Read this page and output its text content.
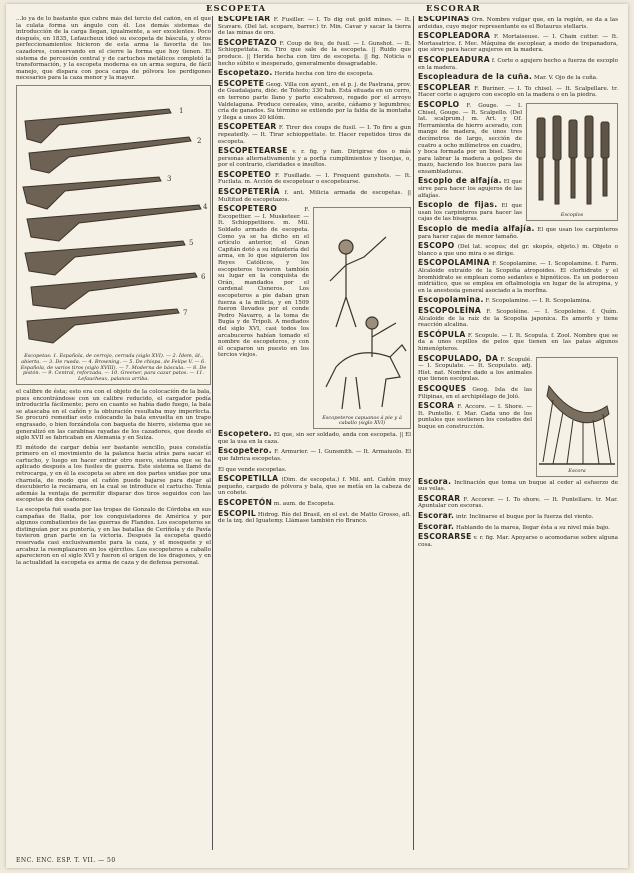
ESCOPETA	ESCORAR
...lo ya de lo bastante que cubre más del tercio del cañón, en el que la culata forma un ángulo con él. Los demás sistemas de introducción de la carga llegan, igualmente, a ser excelentes. Poco después, en 1835, Lefaucheux ideó su escopeta de báscula, y otros perfeccionamientos hicieron de esta arma la favorita de los cazadores, conservando en el cierre la forma que hoy tienen. El sistema de percusión central y de cartuchos metálicos completó la transformación, y la escopeta moderna es un arma segura, de fácil manejo, que dispara con poca carga de pólvora los perdigones necesarios para la caza menor y la mayor.
1
2
3
4
5
6
7
Escopetas: 1. Española, de cerrojo, cerrada (siglo XVI). — 2. Ídem, íd., abierta. — 3. De rueda. — 4. Browning. — 5. De chispa, de Felipe V. — 6. Española, de varios tiros (siglo XVIII). — 7. Moderna de báscula. — 8. De pistón. — 9. Central, reforzada. — 10. Greener, para cazar patos. — 11. Lefaucheux, palanca arriba.
el calibre de ésta; esto era con el objeto de la colocación de la bala, pues encontrándose con un calibre reducido, el cargador podía introducirla fácilmente; pero en cuanto se había dado fuego, la bala se atascaba en el cañón y la obturación resultaba muy imperfecta. Se procuró remediar esto colocando la bala envuelta en un trapo engrasado, o bien forzándola con baqueta de hierro, sistema que se generalizó en las carabinas rayadas de los cazadores, que desde el siglo XVII se fabricaban en Alemania y en Suiza.
El método de cargar debía ser bastante sencillo, pues consistía primero en el movimiento de la palanca hacia atrás para sacar el cartucho, y luego en hacer entrar otro nuevo, sistema que se ha aplicado después a los fusiles de guerra. Este sistema se llamó de retrocarga, y en él la escopeta se abre en dos partes unidas por una charnela, de modo que el cañón puede bajarse para dejar al descubierto la recámara, en la cual se introduce el cartucho. Tenía además la ventaja de permitir disparar dos tiros seguidos con las escopetas de dos cañones.
La escopeta fué usada por las tropas de Gonzalo de Córdoba en sus campañas de Italia, por los conquistadores de América y por algunos combatientes de las guerras de Flandes. Los escopeteros se distinguían por su puntería, y en las batallas de Ceriñola y de Pavía tuvieron gran parte en la victoria. Después la escopeta quedó reservada casi exclusivamente para la caza, y el mosquete y el arcabuz la reemplazaron en los ejércitos. Los escopeteros a caballo aparecieron en el siglo XVI y fueron el origen de los dragones, y en la actualidad la escopeta es arma de caza y de defensa personal.
ESCOPETAR F. Fusiller. — I. To dig out gold mines. — It. Scavare. (Del lat. scopare, barrer.) tr. Min. Cavar y sacar la tierra de las minas de oro.
ESCOPETAZO F. Coup de feu, de fusil. — I. Gunshot. — It. Schioppettata. m. Tiro que sale de la escopeta. || Ruido que produce. || Herida hecha con tiro de escopeta. || fig. Noticia o hecho súbito e inesperado, generalmente desagradable.
Escopetazo. Herida hecha con tiro de escopeta.
ESCOPETE Geog. Villa con ayunt., en el p. j. de Pastrana, prov. de Guadalajara, dióc. de Toledo; 330 hab. Está situada en un cerro, en terreno parte llano y parte escabroso, regado por el arroyo Valdelaguna. Produce cereales, vino, aceite, cáñamo y legumbres; cría de ganados. Su término se extiende por la falda de la montaña y llega a unos 20 kilóm.
ESCOPETEAR F. Tirer des coups de fusil. — I. To fire a gun repeatedly. — It. Tirar schioppettate. tr. Hacer repetidos tiros de escopeta.
ESCOPETEARSE v. r. fig. y fam. Dirigirse dos o más personas alternativamente y a porfía cumplimientos y lisonjas, o, por el contrario, claridades e insultos.
ESCOPETEO F. Fusillade. — I. Frequent gunshots. — It. Fucilata. m. Acción de escopetear o escopetearse.
ESCOPETERÍA f. ant. Milicia armada de escopetas. || Multitud de escopetazos.
Escopeteros capuanos á pie y á caballo (siglo XVI)
ESCOPETERO	F. Escopettier. — I. Musketeer. — It. Schioppettiere. m. Mil. Soldado armado de escopeta. Como ya se ha dicho en el artículo anterior, el Gran Capitán dotó a su infantería del arma, en lo que siguieron los Reyes Católicos, y los escopeteros tuvieron también su lugar en la conquista de Orán, mandados por el cardenal Cisneros. Los escopeteros a pie daban gran fuerza a la milicia, y en 1509 fueron llevados por el conde Pedro Navarro, a la toma de Bugía y de Trípoli. A mediados del siglo XVI, casi todos los arcabuceros habían tomado el nombre de escopeteros, y con él ocuparon un puesto en los tercios viejos.
Escopetero. El que, sin ser soldado, anda con escopeta. || El que la usa en la caza.
Escopetero. F. Armurier. — I. Gunsmith. — It. Armaiuolo. El que fabrica escopetas.
El que vende escopetas.
ESCOPETILLA (Dim. de escopeta.) f. Mil. ant. Cañón muy pequeño, cargado de pólvora y bala, que se metía en la cabeza de un cohete.
ESCOPETÓN m. aum. de Escopeta.
ESCOPIL Hidrog. Río del Brasil, en el est. de Matto Grosso, afl. de la izq. del Iguatemy. Llámase también río Branco.
ESCOPINAS Orn. Nombre vulgar que, en la región, se da a las ardeidas, cuyo mejor representante es el Botaurus stellaris.
ESCOPLEADORA F. Mortaiseuse. — I. Chain cutter. — It. Mortasatrice. f. Mec. Máquina de escoplear, a modo de trepanadora, que sirve para hacer agujeros en la madera.
ESCOPLEADURA f. Corte o agujero hecho a fuerza de escoplo en la madera.
Escopleadura de la cuña. Mar. V. Ojo de la cuña.
ESCOPLEAR F. Buriner. — I. To chisel. — It. Scalpellare. tr. Hacer corte o agujero con escoplo en la madera o en la piedra.
Escoplos
ESCOPLO F. Gouge. — I. Chisel, Gouge. — It. Scalpello. (Del lat. scalprum.) m. Art. y Of. Herramienta de hierro acerado, con mango de madera, de unos tres decímetros de largo, sección de cuatro a ocho milímetros en cuadro, y boca formada por un bisel. Sirve para labrar la madera a golpes de mazo, haciendo los huecos para las ensambladuras.
Escoplo de alfajía. El que sirve para hacer los agujeros de las alfajías.
Escoplo de fijas. El que usan los carpinteros para hacer las cajas de las bisagras.
Escoplo de media alfajía. El que usan los carpinteros para hacer cajas de menor tamaño.
ESCOPO (Del lat. scopus; del gr. skopós, objeto.) m. Objeto o blanco a que uno mira o se dirige.
ESCOPOLAMINA F. Scopolamine. — I. Scopolamine. f. Farm. Alcaloide extraído de la Scopolia atropoides. El clorhidrato y el bromhidrato se emplean como sedantes e hipnóticos. Es un poderoso midriático, que se emplea en oftalmología en lugar de la atropina, y en la anestesia general asociado a la morfina.
Escopolamina. F. Scopolamine. — I. It. Scopolamina.
ESCOPOLEÍNA F. Scopoléine. — I. Scopoleine. f. Quím. Alcaloide de la raíz de la Scopolia japonica. Es amorfo y tiene reacción alcalina.
ESCÓPULA F. Scopule. — I. It. Scopula. f. Zool. Nombre que se da a unos cepillos de pelos que tienen en las patas algunos himenópteros.
Escora
ESCOPULADO, DA F. Scopulé. — I. Scopulate. — It. Scopulato. adj. Hist. nat. Nombre dado a los animales que tienen escópulas.
ESCOQUES Geog. Isla de las Filipinas, en el archipiélago de Joló.
ESCORA F. Accore. — I. Shore. — It. Puntello. f. Mar. Cada uno de los puntales que sostienen los costados del buque en construcción.
Escora. Inclinación que toma un buque al ceder al esfuerzo de sus velas.
ESCORAR F. Accorer. — I. To shore. — It. Puntellare. tr. Mar. Apuntalar con escoras.
Escorar. intr. Inclinarse el buque por la fuerza del viento.
Escorar. Hablando de la marea, llegar ésta a su nivel más bajo.
ESCORARSE v. r. fig. Mar. Apoyarse o acomodarse sobre alguna cosa.
ENC. ENC. ESP. T. VII. — 50
